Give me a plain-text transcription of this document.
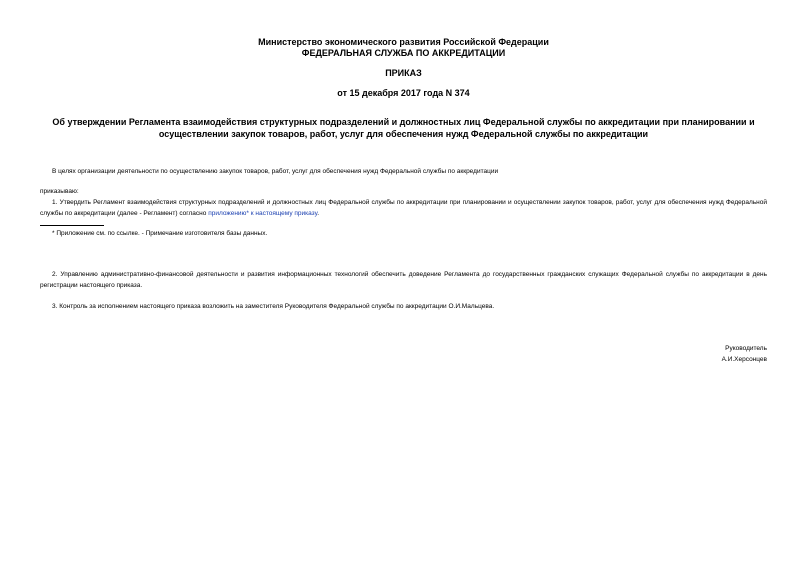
Министерство экономического развития Российской Федерации
ФЕДЕРАЛЬНАЯ СЛУЖБА ПО АККРЕДИТАЦИИ
ПРИКАЗ
от 15 декабря 2017 года N 374
Об утверждении Регламента взаимодействия структурных подразделений и должностных лиц Федеральной службы по аккредитации при планировании и осуществлении закупок товаров, работ, услуг для обеспечения нужд Федеральной службы по аккредитации
В целях организации деятельности по осуществлению закупок товаров, работ, услуг для обеспечения нужд Федеральной службы по аккредитации
приказываю:
1. Утвердить Регламент взаимодействия структурных подразделений и должностных лиц Федеральной службы по аккредитации при планировании и осуществлении закупок товаров, работ, услуг для обеспечения нужд Федеральной службы по аккредитации (далее - Регламент) согласно приложению* к настоящему приказу.
* Приложение см. по ссылке. - Примечание изготовителя базы данных.
2. Управлению административно-финансовой деятельности и развития информационных технологий обеспечить доведение Регламента до государственных гражданских служащих Федеральной службы по аккредитации в день регистрации настоящего приказа.
3. Контроль за исполнением настоящего приказа возложить на заместителя Руководителя Федеральной службы по аккредитации О.И.Мальцева.
Руководитель
А.И.Херсонцев
